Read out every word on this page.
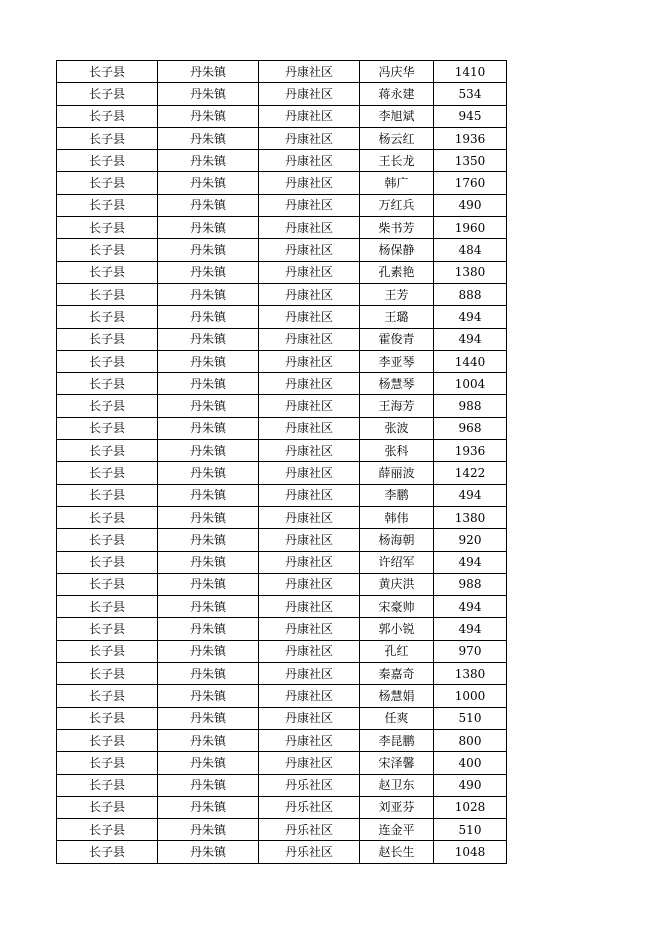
长子县	丹朱镇	丹康社区	冯庆华	1410
长子县	丹朱镇	丹康社区	蒋永建	534
长子县	丹朱镇	丹康社区	李旭斌	945
长子县	丹朱镇	丹康社区	杨云红	1936
长子县	丹朱镇	丹康社区	王长龙	1350
长子县	丹朱镇	丹康社区	韩广	1760
长子县	丹朱镇	丹康社区	万红兵	490
长子县	丹朱镇	丹康社区	柴书芳	1960
长子县	丹朱镇	丹康社区	杨保静	484
长子县	丹朱镇	丹康社区	孔素艳	1380
长子县	丹朱镇	丹康社区	王芳	888
长子县	丹朱镇	丹康社区	王璐	494
长子县	丹朱镇	丹康社区	霍俊青	494
长子县	丹朱镇	丹康社区	李亚琴	1440
长子县	丹朱镇	丹康社区	杨慧琴	1004
长子县	丹朱镇	丹康社区	王海芳	988
长子县	丹朱镇	丹康社区	张波	968
长子县	丹朱镇	丹康社区	张科	1936
长子县	丹朱镇	丹康社区	薛丽波	1422
长子县	丹朱镇	丹康社区	李鹏	494
长子县	丹朱镇	丹康社区	韩伟	1380
长子县	丹朱镇	丹康社区	杨海朝	920
长子县	丹朱镇	丹康社区	许绍军	494
长子县	丹朱镇	丹康社区	黄庆洪	988
长子县	丹朱镇	丹康社区	宋豪帅	494
长子县	丹朱镇	丹康社区	郭小锐	494
长子县	丹朱镇	丹康社区	孔红	970
长子县	丹朱镇	丹康社区	秦嘉奇	1380
长子县	丹朱镇	丹康社区	杨慧娟	1000
长子县	丹朱镇	丹康社区	任爽	510
长子县	丹朱镇	丹康社区	李昆鹏	800
长子县	丹朱镇	丹康社区	宋泽馨	400
长子县	丹朱镇	丹乐社区	赵卫东	490
长子县	丹朱镇	丹乐社区	刘亚芬	1028
长子县	丹朱镇	丹乐社区	连金平	510
长子县	丹朱镇	丹乐社区	赵长生	1048
